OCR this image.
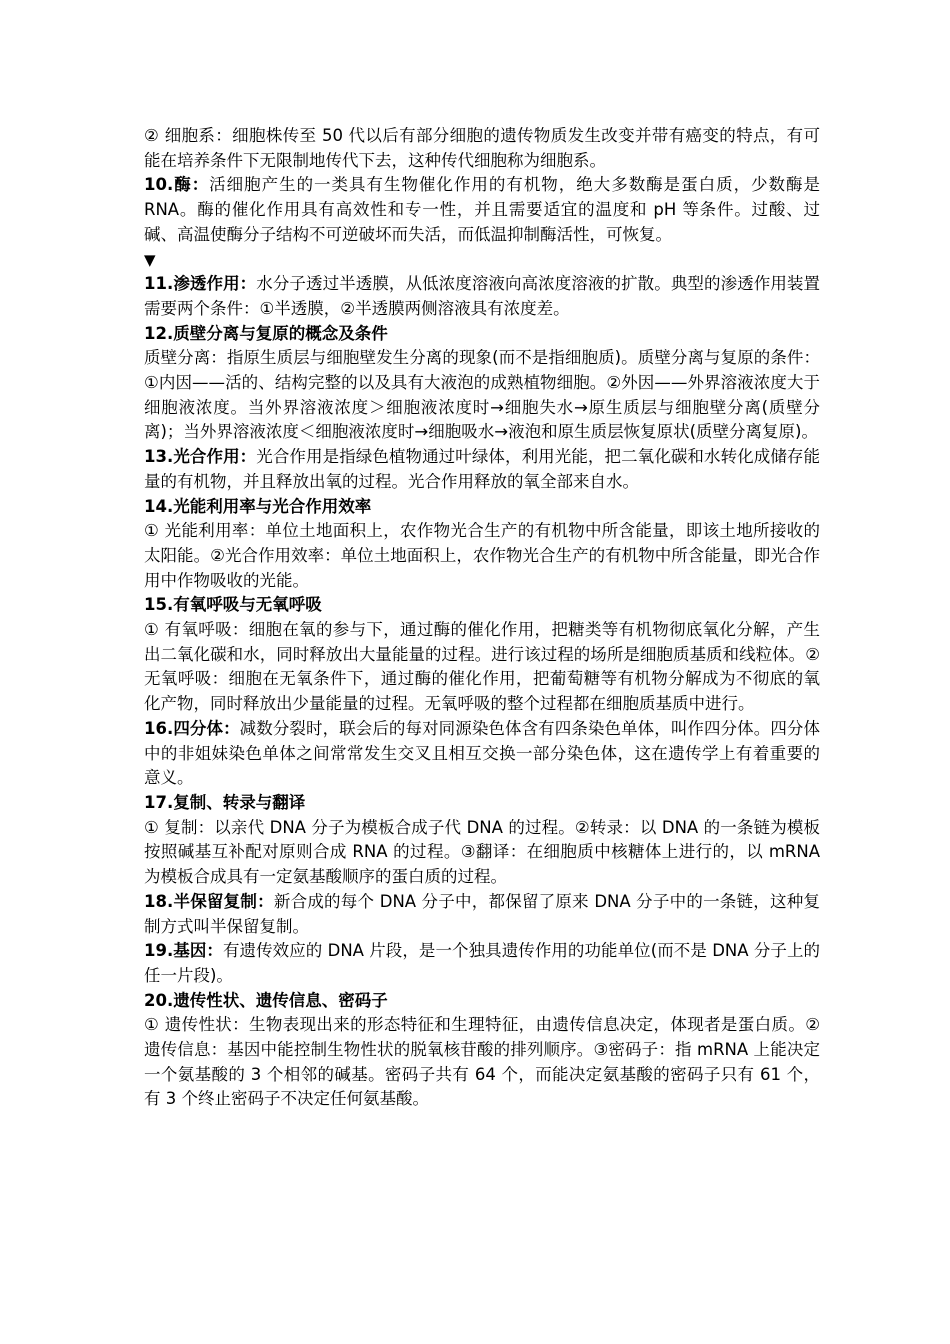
② 细胞系：细胞株传至 50 代以后有部分细胞的遗传物质发生改变并带有癌变的特点，有可能在培养条件下无限制地传代下去，这种传代细胞称为细胞系。

10.酶：活细胞产生的一类具有生物催化作用的有机物，绝大多数酶是蛋白质，少数酶是 RNA。酶的催化作用具有高效性和专一性，并且需要适宜的温度和 pH 等条件。过酸、过碱、高温使酶分子结构不可逆破坏而失活，而低温抑制酶活性，可恢复。

▼

11.渗透作用：水分子透过半透膜，从低浓度溶液向高浓度溶液的扩散。典型的渗透作用装置需要两个条件：①半透膜，②半透膜两侧溶液具有浓度差。

12.质壁分离与复原的概念及条件

质壁分离：指原生质层与细胞壁发生分离的现象(而不是指细胞质)。质壁分离与复原的条件：①内因——活的、结构完整的以及具有大液泡的成熟植物细胞。②外因——外界溶液浓度大于细胞液浓度。当外界溶液浓度＞细胞液浓度时→细胞失水→原生质层与细胞壁分离(质壁分离)；当外界溶液浓度＜细胞液浓度时→细胞吸水→液泡和原生质层恢复原状(质壁分离复原)。

13.光合作用：光合作用是指绿色植物通过叶绿体，利用光能，把二氧化碳和水转化成储存能量的有机物，并且释放出氧的过程。光合作用释放的氧全部来自水。

14.光能利用率与光合作用效率

① 光能利用率：单位土地面积上，农作物光合生产的有机物中所含能量，即该土地所接收的太阳能。②光合作用效率：单位土地面积上，农作物光合生产的有机物中所含能量，即光合作用中作物吸收的光能。

15.有氧呼吸与无氧呼吸

① 有氧呼吸：细胞在氧的参与下，通过酶的催化作用，把糖类等有机物彻底氧化分解，产生出二氧化碳和水，同时释放出大量能量的过程。进行该过程的场所是细胞质基质和线粒体。②无氧呼吸：细胞在无氧条件下，通过酶的催化作用，把葡萄糖等有机物分解成为不彻底的氧化产物，同时释放出少量能量的过程。无氧呼吸的整个过程都在细胞质基质中进行。

16.四分体：减数分裂时，联会后的每对同源染色体含有四条染色单体，叫作四分体。四分体中的非姐妹染色单体之间常常发生交叉且相互交换一部分染色体，这在遗传学上有着重要的意义。

17.复制、转录与翻译

① 复制：以亲代 DNA 分子为模板合成子代 DNA 的过程。②转录：以 DNA 的一条链为模板按照碱基互补配对原则合成 RNA 的过程。③翻译：在细胞质中核糖体上进行的，以 mRNA 为模板合成具有一定氨基酸顺序的蛋白质的过程。

18.半保留复制：新合成的每个 DNA 分子中，都保留了原来 DNA 分子中的一条链，这种复制方式叫半保留复制。

19.基因：有遗传效应的 DNA 片段，是一个独具遗传作用的功能单位(而不是 DNA 分子上的任一片段)。

20.遗传性状、遗传信息、密码子

① 遗传性状：生物表现出来的形态特征和生理特征，由遗传信息决定，体现者是蛋白质。②遗传信息：基因中能控制生物性状的脱氧核苷酸的排列顺序。③密码子：指 mRNA 上能决定一个氨基酸的 3 个相邻的碱基。密码子共有 64 个，而能决定氨基酸的密码子只有 61 个，有 3 个终止密码子不决定任何氨基酸。
